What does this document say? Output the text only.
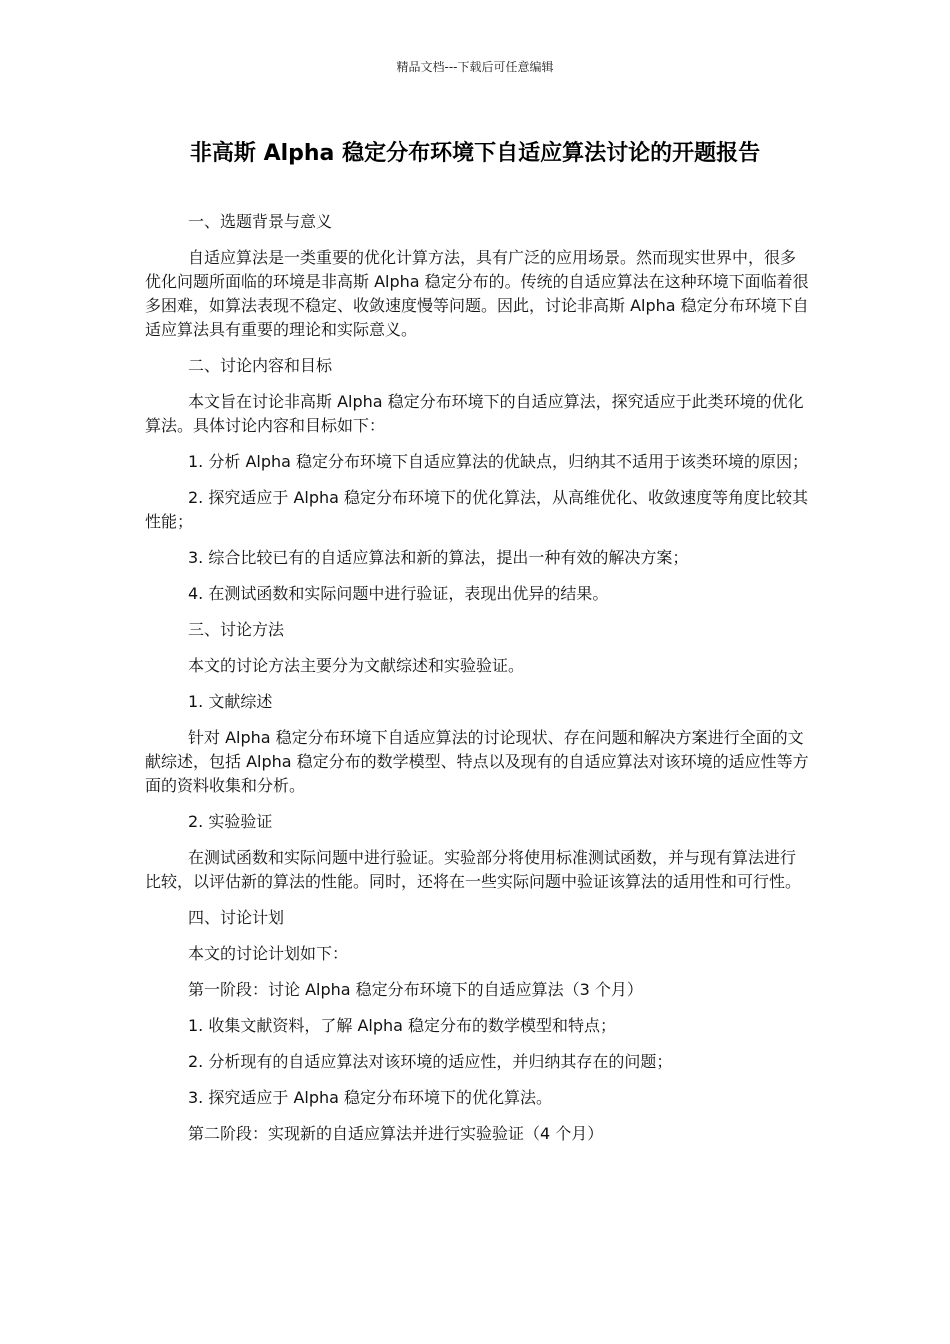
精品文档---下载后可任意编辑
非高斯 Alpha 稳定分布环境下自适应算法讨论的开题报告

一、选题背景与意义

自适应算法是一类重要的优化计算方法，具有广泛的应用场景。然而现实世界中，很多优化问题所面临的环境是非高斯 Alpha 稳定分布的。传统的自适应算法在这种环境下面临着很多困难，如算法表现不稳定、收敛速度慢等问题。因此，讨论非高斯 Alpha 稳定分布环境下自适应算法具有重要的理论和实际意义。

二、讨论内容和目标

本文旨在讨论非高斯 Alpha 稳定分布环境下的自适应算法，探究适应于此类环境的优化算法。具体讨论内容和目标如下：

1. 分析 Alpha 稳定分布环境下自适应算法的优缺点，归纳其不适用于该类环境的原因；

2. 探究适应于 Alpha 稳定分布环境下的优化算法，从高维优化、收敛速度等角度比较其性能；

3. 综合比较已有的自适应算法和新的算法，提出一种有效的解决方案；

4. 在测试函数和实际问题中进行验证，表现出优异的结果。

三、讨论方法

本文的讨论方法主要分为文献综述和实验验证。

1. 文献综述

针对 Alpha 稳定分布环境下自适应算法的讨论现状、存在问题和解决方案进行全面的文献综述，包括 Alpha 稳定分布的数学模型、特点以及现有的自适应算法对该环境的适应性等方面的资料收集和分析。

2. 实验验证

在测试函数和实际问题中进行验证。实验部分将使用标准测试函数，并与现有算法进行比较，以评估新的算法的性能。同时，还将在一些实际问题中验证该算法的适用性和可行性。

四、讨论计划

本文的讨论计划如下：

第一阶段：讨论 Alpha 稳定分布环境下的自适应算法（3 个月）

1. 收集文献资料，了解 Alpha 稳定分布的数学模型和特点；

2. 分析现有的自适应算法对该环境的适应性，并归纳其存在的问题；

3. 探究适应于 Alpha 稳定分布环境下的优化算法。

第二阶段：实现新的自适应算法并进行实验验证（4 个月）
